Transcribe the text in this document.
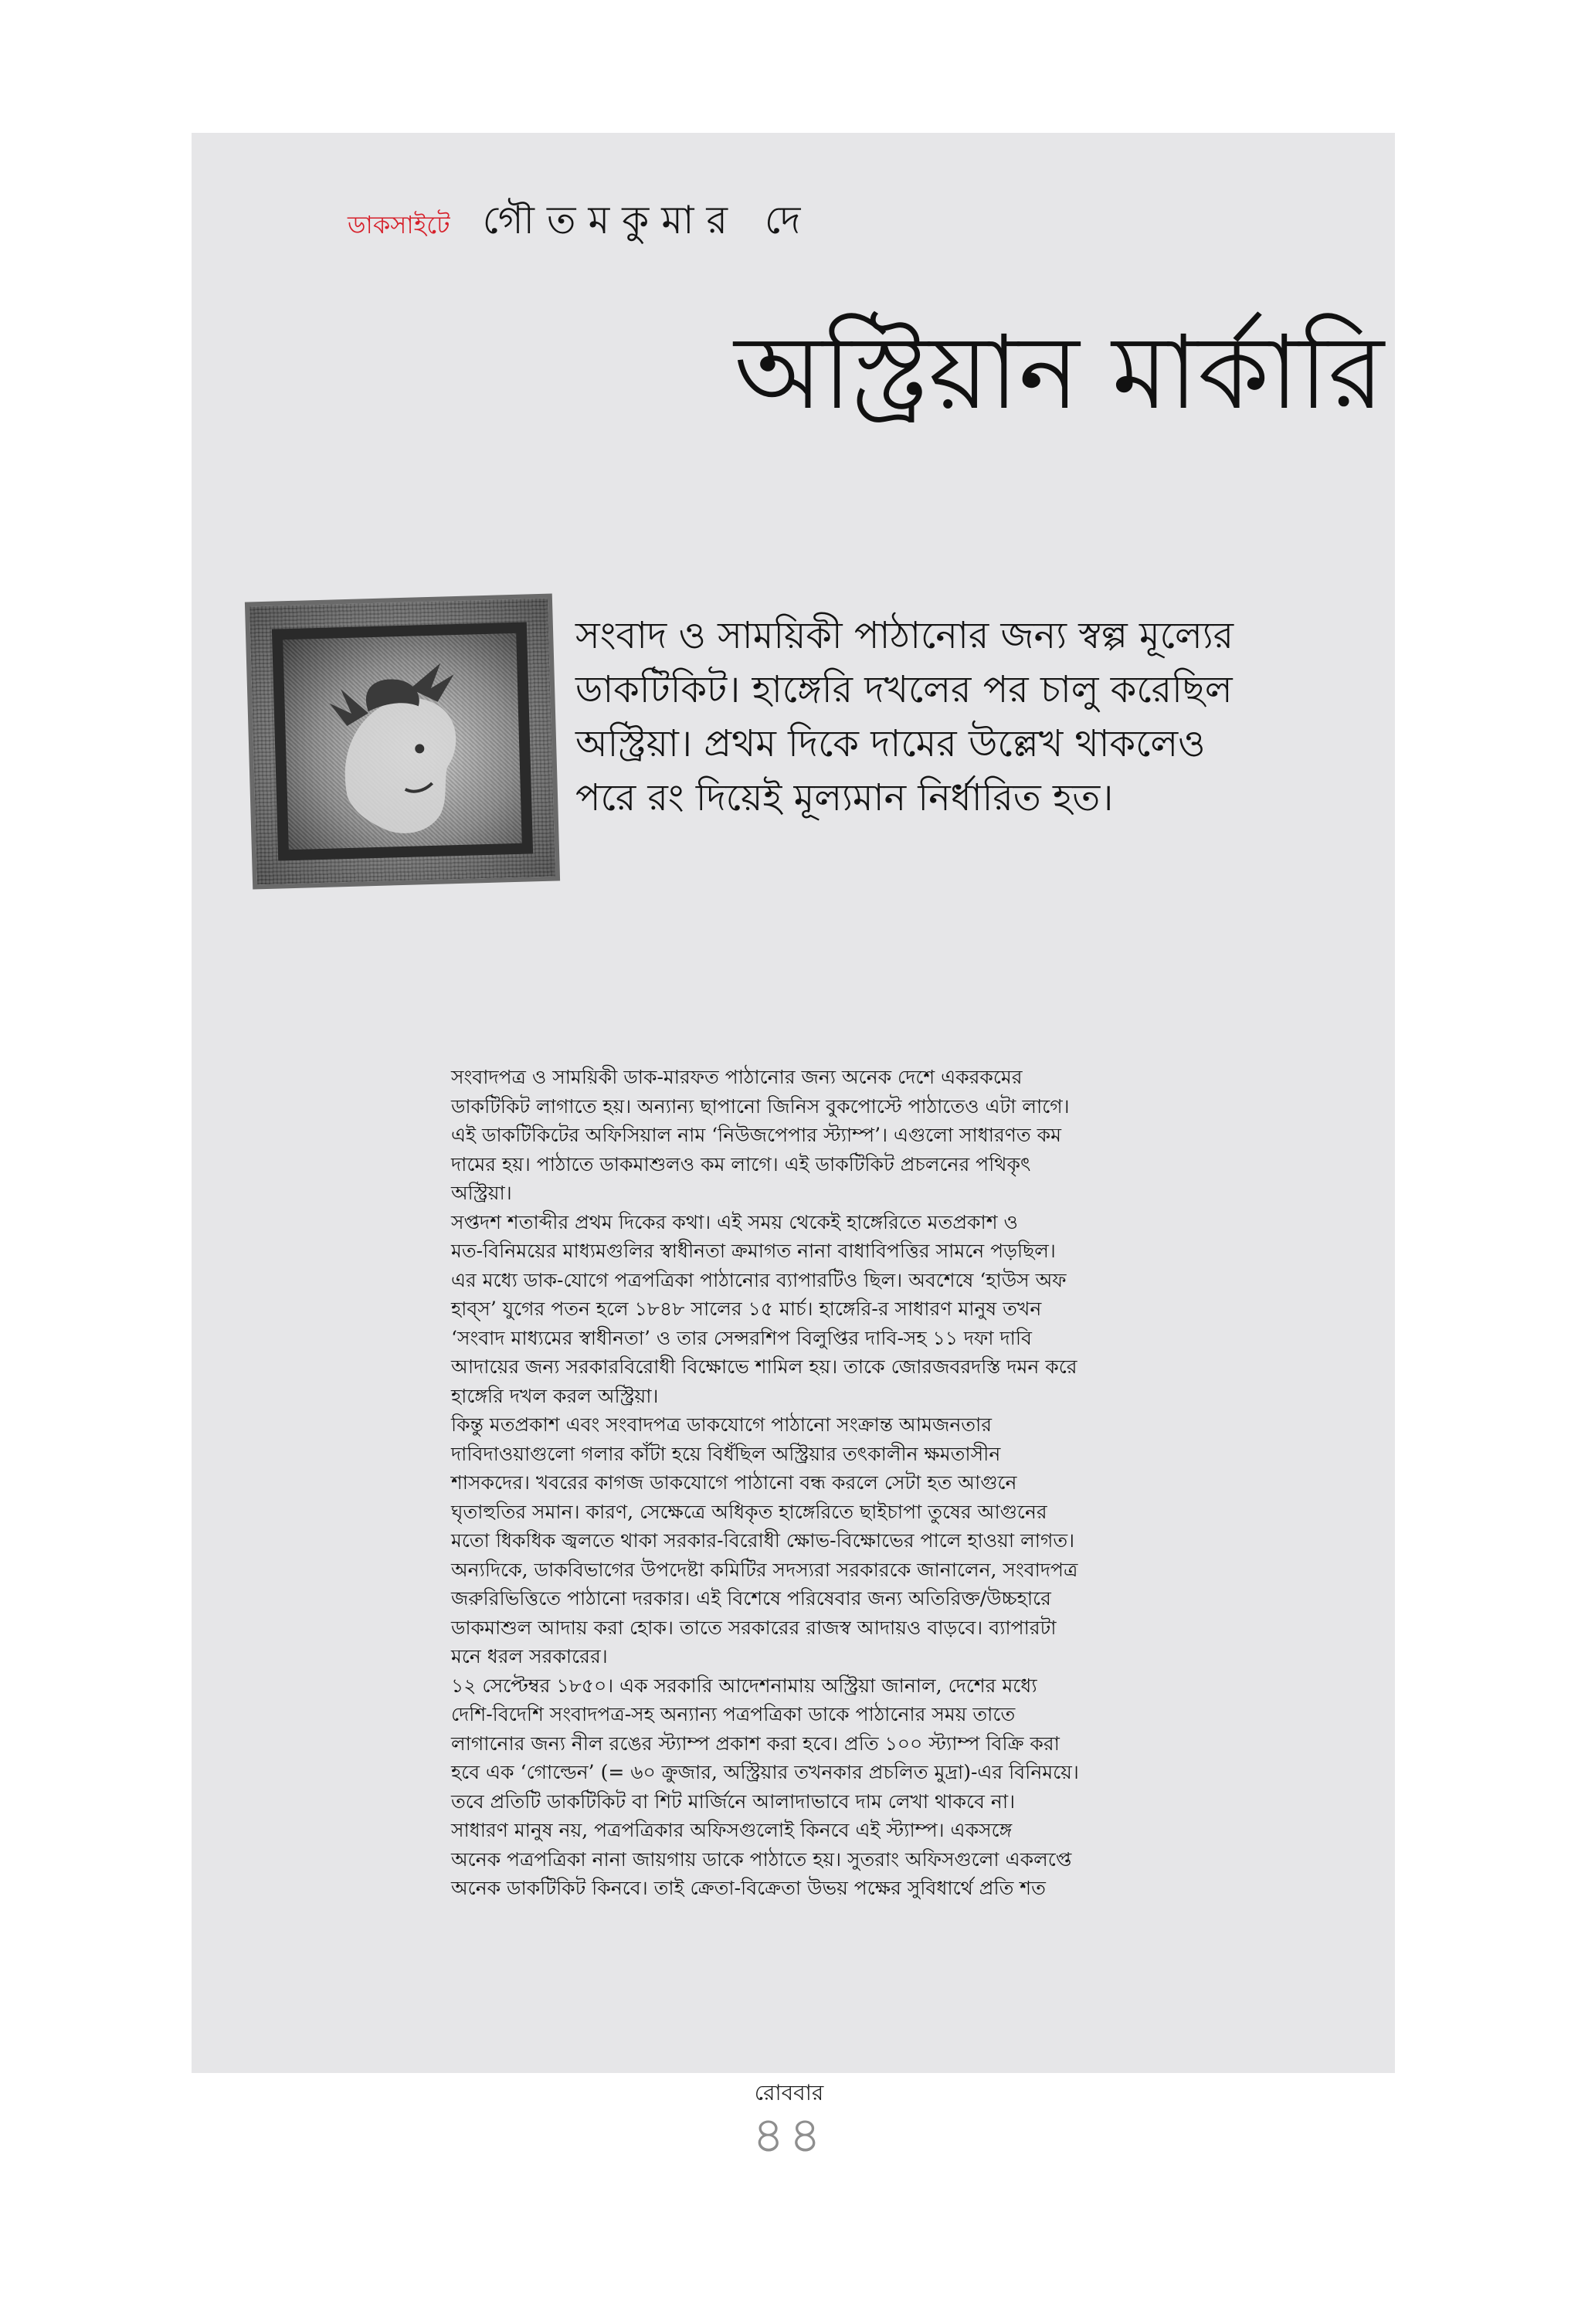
ডাকসাইটে গৌতমকুমার দে
অস্ট্রিয়ান মার্কারি

সংবাদ ও সাময়িকী পাঠানোর জন্য স্বল্প মূল্যের

ডাকটিকিট। হাঙ্গেরি দখলের পর চালু করেছিল

অস্ট্রিয়া। প্রথম দিকে দামের উল্লেখ থাকলেও

পরে রং দিয়েই মূল্যমান নির্ধারিত হত।

সংবাদপত্র ও সাময়িকী ডাক-মারফত পাঠানোর জন্য অনেক দেশে একরকমের

ডাকটিকিট লাগাতে হয়। অন্যান্য ছাপানো জিনিস বুকপোস্টে পাঠাতেও এটা লাগে।

এই ডাকটিকিটের অফিসিয়াল নাম ‘নিউজপেপার স্ট্যাম্প’। এগুলো সাধারণত কম

দামের হয়। পাঠাতে ডাকমাশুলও কম লাগে। এই ডাকটিকিট প্রচলনের পথিকৃৎ

অস্ট্রিয়া।

সপ্তদশ শতাব্দীর প্রথম দিকের কথা। এই সময় থেকেই হাঙ্গেরিতে মতপ্রকাশ ও

মত-বিনিময়ের মাধ্যমগুলির স্বাধীনতা ক্রমাগত নানা বাধাবিপত্তির সামনে পড়ছিল।

এর মধ্যে ডাক-যোগে পত্রপত্রিকা পাঠানোর ব্যাপারটিও ছিল। অবশেষে ‘হাউস অফ

হাব্স’ যুগের পতন হলে ১৮৪৮ সালের ১৫ মার্চ। হাঙ্গেরি-র সাধারণ মানুষ তখন

‘সংবাদ মাধ্যমের স্বাধীনতা’ ও তার সেন্সরশিপ বিলুপ্তির দাবি-সহ ১১ দফা দাবি

আদায়ের জন্য সরকারবিরোধী বিক্ষোভে শামিল হয়। তাকে জোরজবরদস্তি দমন করে

হাঙ্গেরি দখল করল অস্ট্রিয়া।

কিন্তু মতপ্রকাশ এবং সংবাদপত্র ডাকযোগে পাঠানো সংক্রান্ত আমজনতার

দাবিদাওয়াগুলো গলার কাঁটা হয়ে বিধঁছিল অস্ট্রিয়ার তৎকালীন ক্ষমতাসীন

শাসকদের। খবরের কাগজ ডাকযোগে পাঠানো বন্ধ করলে সেটা হত আগুনে

ঘৃতাহুতির সমান। কারণ, সেক্ষেত্রে অধিকৃত হাঙ্গেরিতে ছাইচাপা তুষের আগুনের

মতো ধিকধিক জ্বলতে থাকা সরকার-বিরোধী ক্ষোভ-বিক্ষোভের পালে হাওয়া লাগত।

অন্যদিকে, ডাকবিভাগের উপদেষ্টা কমিটির সদস্যরা সরকারকে জানালেন, সংবাদপত্র

জরুরিভিত্তিতে পাঠানো দরকার। এই বিশেষে পরিষেবার জন্য অতিরিক্ত/উচ্চহারে

ডাকমাশুল আদায় করা হোক। তাতে সরকারের রাজস্ব আদায়ও বাড়বে। ব্যাপারটা

মনে ধরল সরকারের।

১২ সেপ্টেম্বর ১৮৫০। এক সরকারি আদেশনামায় অস্ট্রিয়া জানাল, দেশের মধ্যে

দেশি-বিদেশি সংবাদপত্র-সহ অন্যান্য পত্রপত্রিকা ডাকে পাঠানোর সময় তাতে

লাগানোর জন্য নীল রঙের স্ট্যাম্প প্রকাশ করা হবে। প্রতি ১০০ স্ট্যাম্প বিক্রি করা

হবে এক ‘গোল্ডেন’ (= ৬০ ক্রুজার, অস্ট্রিয়ার তখনকার প্রচলিত মুদ্রা)-এর বিনিময়ে।

তবে প্রতিটি ডাকটিকিট বা শিট মার্জিনে আলাদাভাবে দাম লেখা থাকবে না।

সাধারণ মানুষ নয়, পত্রপত্রিকার অফিসগুলোই কিনবে এই স্ট্যাম্প। একসঙ্গে

অনেক পত্রপত্রিকা নানা জায়গায় ডাকে পাঠাতে হয়। সুতরাং অফিসগুলো একলপ্তে

অনেক ডাকটিকিট কিনবে। তাই ক্রেতা-বিক্রেতা উভয় পক্ষের সুবিধার্থে প্রতি শত

রোববার
৪৪
